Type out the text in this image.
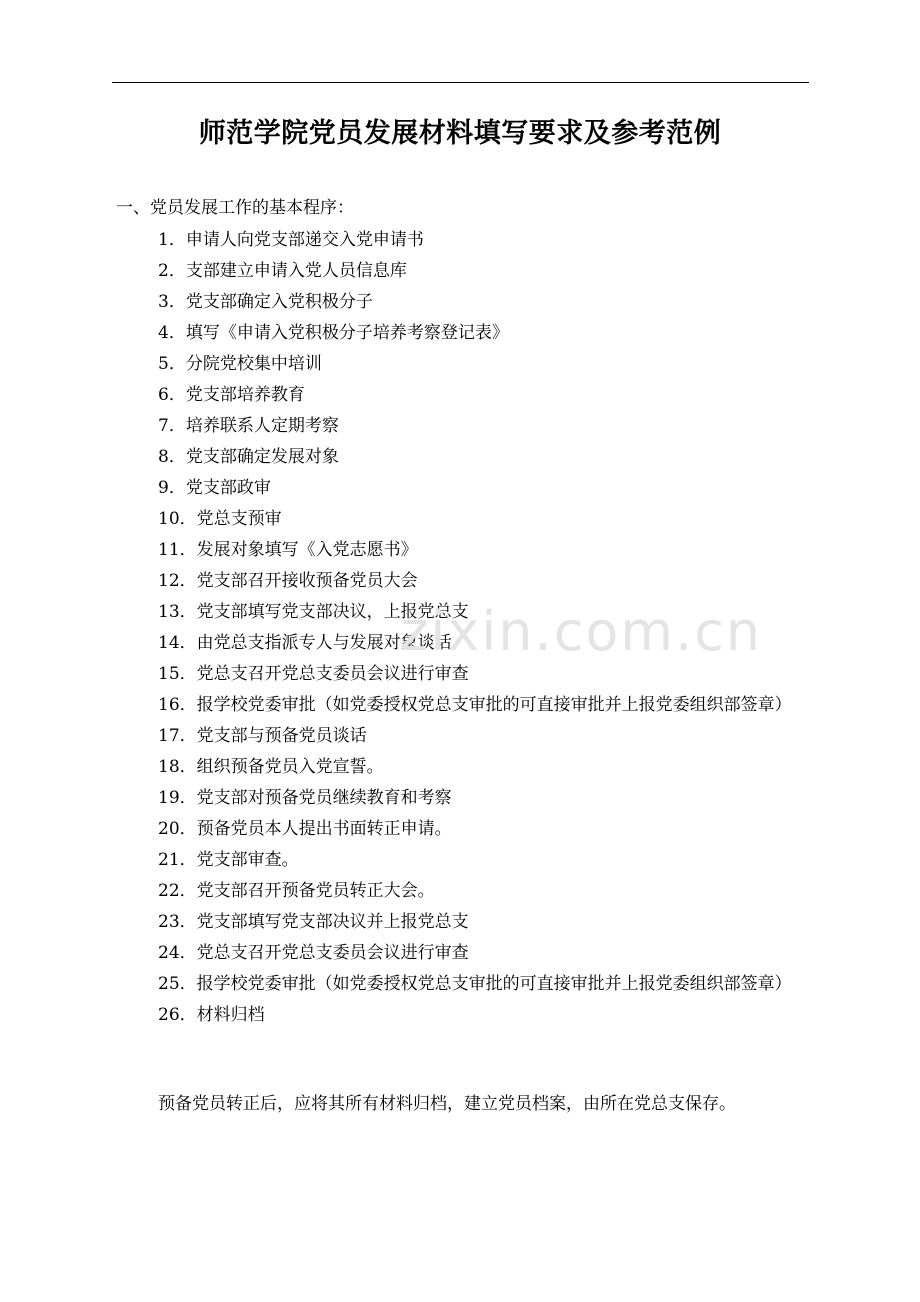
师范学院党员发展材料填写要求及参考范例
一、党员发展工作的基本程序：
1．申请人向党支部递交入党申请书
2．支部建立申请入党人员信息库
3．党支部确定入党积极分子
4．填写《申请入党积极分子培养考察登记表》
5．分院党校集中培训
6．党支部培养教育
7．培养联系人定期考察
8．党支部确定发展对象
9．党支部政审
10．党总支预审
11．发展对象填写《入党志愿书》
12．党支部召开接收预备党员大会
13．党支部填写党支部决议，上报党总支
14．由党总支指派专人与发展对象谈话
15．党总支召开党总支委员会议进行审查
16．报学校党委审批（如党委授权党总支审批的可直接审批并上报党委组织部签章）
17．党支部与预备党员谈话
18．组织预备党员入党宣誓。
19．党支部对预备党员继续教育和考察
20．预备党员本人提出书面转正申请。
21．党支部审查。
22．党支部召开预备党员转正大会。
23．党支部填写党支部决议并上报党总支
24．党总支召开党总支委员会议进行审查
25．报学校党委审批（如党委授权党总支审批的可直接审批并上报党委组织部签章）
26．材料归档
预备党员转正后，应将其所有材料归档，建立党员档案，由所在党总支保存。
zixin.com.cn
